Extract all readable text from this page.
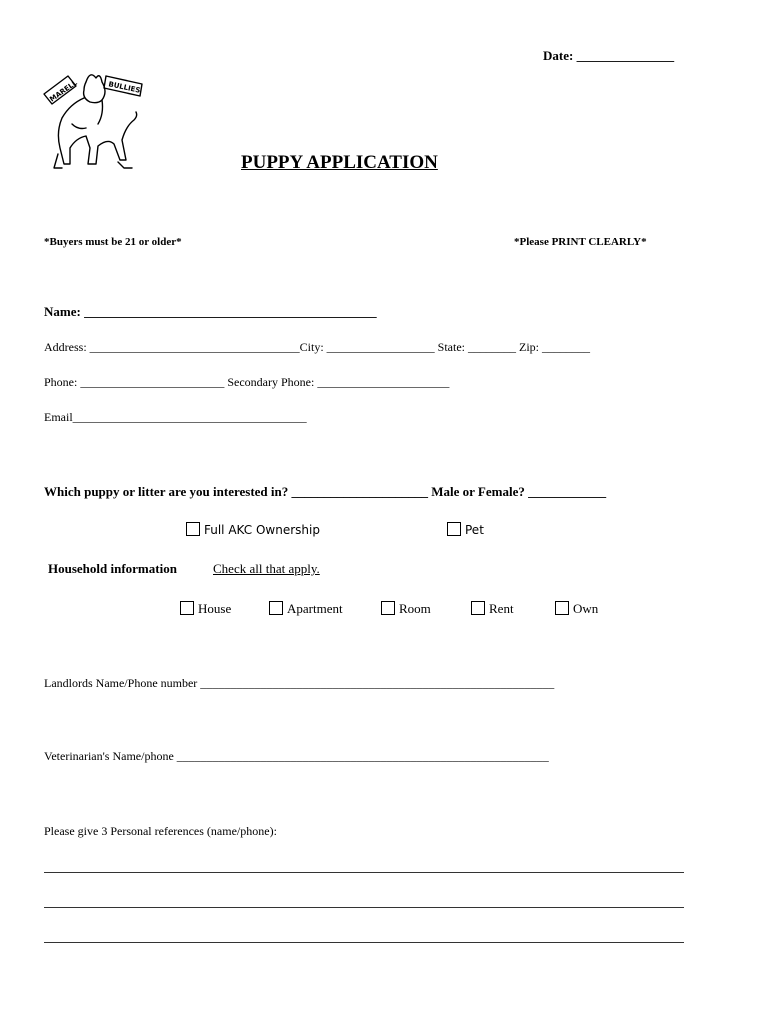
Date: _______________
MARELL	BULLIES
PUPPY APPLICATION
*Buyers must be 21 or older*	*Please PRINT CLEARLY*
Name: _____________________________________________
Address: ___________________________________City: __________________ State: ________ Zip: ________
Phone: ________________________ Secondary Phone: ______________________
Email_______________________________________
Which puppy or litter are you interested in? _____________________ Male or Female? ____________
Full AKC Ownership	Pet
Household information	Check all that apply.
House	Apartment	Room	Rent	Own
Landlords Name/Phone number ___________________________________________________________
Veterinarian's Name/phone ______________________________________________________________
Please give 3 Personal references (name/phone):
